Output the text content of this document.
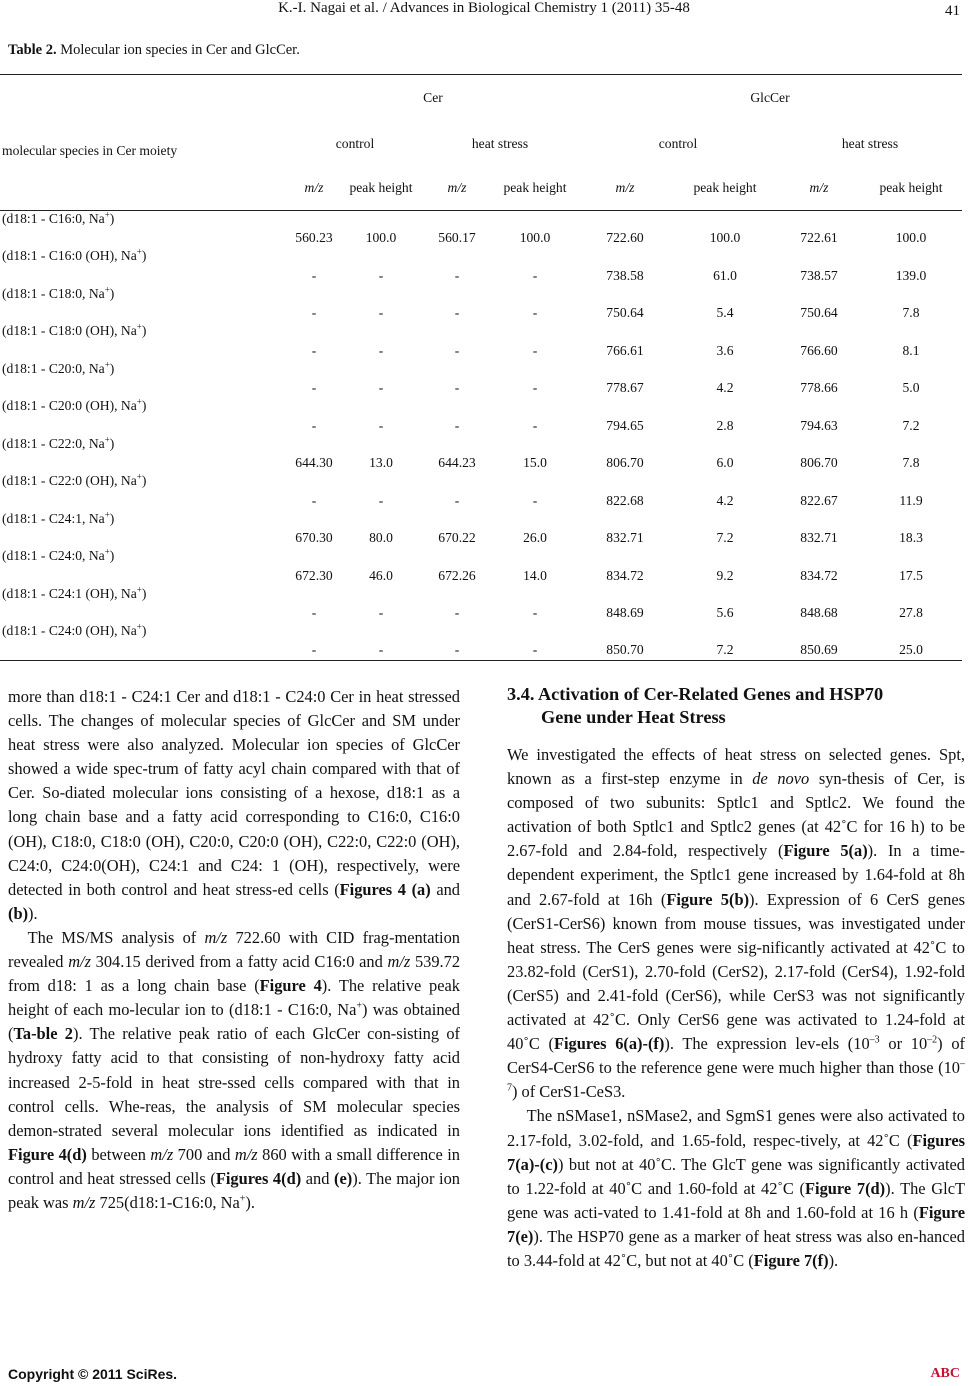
K.-I. Nagai et al. / Advances in Biological Chemistry 1 (2011) 35-48	41
Table 2. Molecular ion species in Cer and GlcCer.
	Cer				GlcCer			
	control		heat stress		control		heat stress	
molecular species in Cer moiety	m/z	peak height	m/z	peak height	m/z	peak height	m/z	peak height
(d18:1 - C16:0, Na+)	560.23	100.0	560.17	100.0	722.60	100.0	722.61	100.0
(d18:1 - C16:0 (OH), Na+)	-	-	-	-	738.58	61.0	738.57	139.0
(d18:1 - C18:0, Na+)	-	-	-	-	750.64	5.4	750.64	7.8
(d18:1 - C18:0 (OH), Na+)	-	-	-	-	766.61	3.6	766.60	8.1
(d18:1 - C20:0, Na+)	-	-	-	-	778.67	4.2	778.66	5.0
(d18:1 - C20:0 (OH), Na+)	-	-	-	-	794.65	2.8	794.63	7.2
(d18:1 - C22:0, Na+)	644.30	13.0	644.23	15.0	806.70	6.0	806.70	7.8
(d18:1 - C22:0 (OH), Na+)	-	-	-	-	822.68	4.2	822.67	11.9
(d18:1 - C24:1, Na+)	670.30	80.0	670.22	26.0	832.71	7.2	832.71	18.3
(d18:1 - C24:0, Na+)	672.30	46.0	672.26	14.0	834.72	9.2	834.72	17.5
(d18:1 - C24:1 (OH), Na+)	-	-	-	-	848.69	5.6	848.68	27.8
(d18:1 - C24:0 (OH), Na+)	-	-	-	-	850.70	7.2	850.69	25.0

more than d18:1 - C24:1 Cer and d18:1 - C24:0 Cer in heat stressed cells. The changes of molecular species of GlcCer and SM under heat stress were also analyzed. Molecular ion species of GlcCer showed a wide spec-trum of fatty acyl chain compared with that of Cer. So-diated molecular ions consisting of a hexose, d18:1 as a long chain base and a fatty acid corresponding to C16:0, C16:0 (OH), C18:0, C18:0 (OH), C20:0, C20:0 (OH), C22:0, C22:0 (OH), C24:0, C24:0(OH), C24:1 and C24: 1 (OH), respectively, were detected in both control and heat stress-ed cells (Figures 4 (a) and (b)).

The MS/MS analysis of m/z 722.60 with CID frag-mentation revealed m/z 304.15 derived from a fatty acid C16:0 and m/z 539.72 from d18: 1 as a long chain base (Figure 4). The relative peak height of each mo-lecular ion to (d18:1 - C16:0, Na+) was obtained (Ta-ble 2). The relative peak ratio of each GlcCer con-sisting of hydroxy fatty acid to that consisting of non-hydroxy fatty acid increased 2-5-fold in heat stre-ssed cells compared with that in control cells. Whe-reas, the analysis of SM molecular species demon-strated several molecular ions identified as indicated in Figure 4(d) between m/z 700 and m/z 860 with a small difference in control and heat stressed cells (Figures 4(d) and (e)). The major ion peak was m/z 725(d18:1-C16:0, Na+).

3.4. Activation of Cer-Related Genes and HSP70
Gene under Heat Stress

We investigated the effects of heat stress on selected genes. Spt, known as a first-step enzyme in de novo syn-thesis of Cer, is composed of two subunits: Sptlc1 and Sptlc2. We found the activation of both Sptlc1 and Sptlc2 genes (at 42˚C for 16 h) to be 2.67-fold and 2.84-fold, respectively (Figure 5(a)). In a time-dependent experiment, the Sptlc1 gene increased by 1.64-fold at 8h and 2.67-fold at 16h (Figure 5(b)). Expression of 6 CerS genes (CerS1-CerS6) known from mouse tissues, was investigated under heat stress. The CerS genes were sig-nificantly activated at 42˚C to 23.82-fold (CerS1), 2.70-fold (CerS2), 2.17-fold (CerS4), 1.92-fold (CerS5) and 2.41-fold (CerS6), while CerS3 was not significantly activated at 42˚C. Only CerS6 gene was activated to 1.24-fold at 40˚C (Figures 6(a)-(f)). The expression lev-els ($10^{-3}$ or $10^{-2}$) of CerS4-CerS6 to the reference gene were much higher than those $(10^{-7})$ of CerS1-CeS3.

The nSMase1, nSMase2, and SgmS1 genes were also activated to 2.17-fold, 3.02-fold, and 1.65-fold, respec-tively, at 42˚C (Figures 7(a)-(c)) but not at 40˚C. The GlcT gene was significantly activated to 1.22-fold at 40˚C and 1.60-fold at 42˚C (Figure 7(d)). The GlcT gene was acti-vated to 1.41-fold at 8h and 1.60-fold at 16 h (Figure 7(e)). The HSP70 gene as a marker of heat stress was also en-hanced to 3.44-fold at 42˚C, but not at 40˚C (Figure 7(f)).

Copyright © 2011 SciRes.	ABC
